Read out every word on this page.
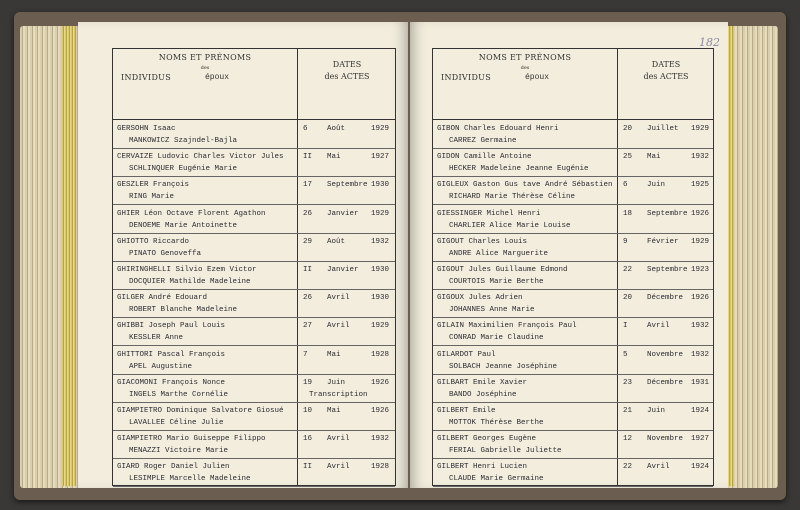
NOMS ET PRÉNOMS
des
INDIVIDUS	époux
DATES
des ACTES
GERSOHN Isaac
MANKOWICZ Szajndel-Bajla
6	Août	1929
CERVAIZE Ludovic Charles Victor Jules
SCHLINQUER Eugénie Marie
II Mai	1927
GESZLER François
RING Marie
17 Septembre 1930
GHIER Léon Octave Florent Agathon
DENOEME Marie Antoinette
26 Janvier 1929
GHIOTTO Riccardo
PINATO Genoveffa
29 Août	1932
GHIRINGHELLI Silvio Ezem Victor
DOCQUIER Mathilde Madeleine
II Janvier 1930
GILGER André Edouard
ROBERT Blanche Madeleine
26 Avril	1930
GHIBBI Joseph Paul Louis
KESSLER Anne
27 Avril	1929
GHITTORI Pascal François
APEL Augustine
7	Mai	1928
GIACOMONI François Nonce
INGELS Marthe Cornélie
19 Juin	1926
Transcription
GIAMPIETRO Dominique Salvatore Giosué
LAVALLEE Céline Julie
10 Mai	1926
GIAMPIETRO Mario Guiseppe Filippo
MENAZZI Victoire Marie
16 Avril	1932
GIARD Roger Daniel Julien
LESIMPLE Marcelle Madeleine
II Avril	1928
182
NOMS ET PRÉNOMS
des
INDIVIDUS	époux
DATES
des ACTES
GIBON Charles Edouard Henri
CARREZ Germaine
20 Juillet 1929
GIDON Camille Antoine
HECKER Madeleine Jeanne Eugénie
25 Mai	1932
GIGLEUX Gaston Gus tave André Sébastien
RICHARD Marie Thérèse Céline
6	Juin	1925
GIESSINGER Michel Henri
CHARLIER Alice Marie Louise
18 Septembre 1926
GIGOUT Charles Louis
ANDRE Alice Marguerite
9	Février 1929
GIGOUT Jules Guillaume Edmond
COURTOIS Marie Berthe
22 Septembre 1923
GIGOUX Jules Adrien
JOHANNES Anne Marie
20 Décembre 1926
GILAIN Maximilien François Paul
CONRAD Marie Claudine
I	Avril	1932
GILARDOT Paul
SOLBACH Jeanne Joséphine
5	Novembre 1932
GILBART Emile Xavier
BANDO Joséphine
23 Décembre 1931
GILBERT Emile
MOTTOK Thérèse Berthe
21 Juin	1924
GILBERT Georges Eugène
FERIAL Gabrielle Juliette
12 Novembre 1927
GILBERT Henri Lucien
CLAUDE Marie Germaine
22 Avril	1924
